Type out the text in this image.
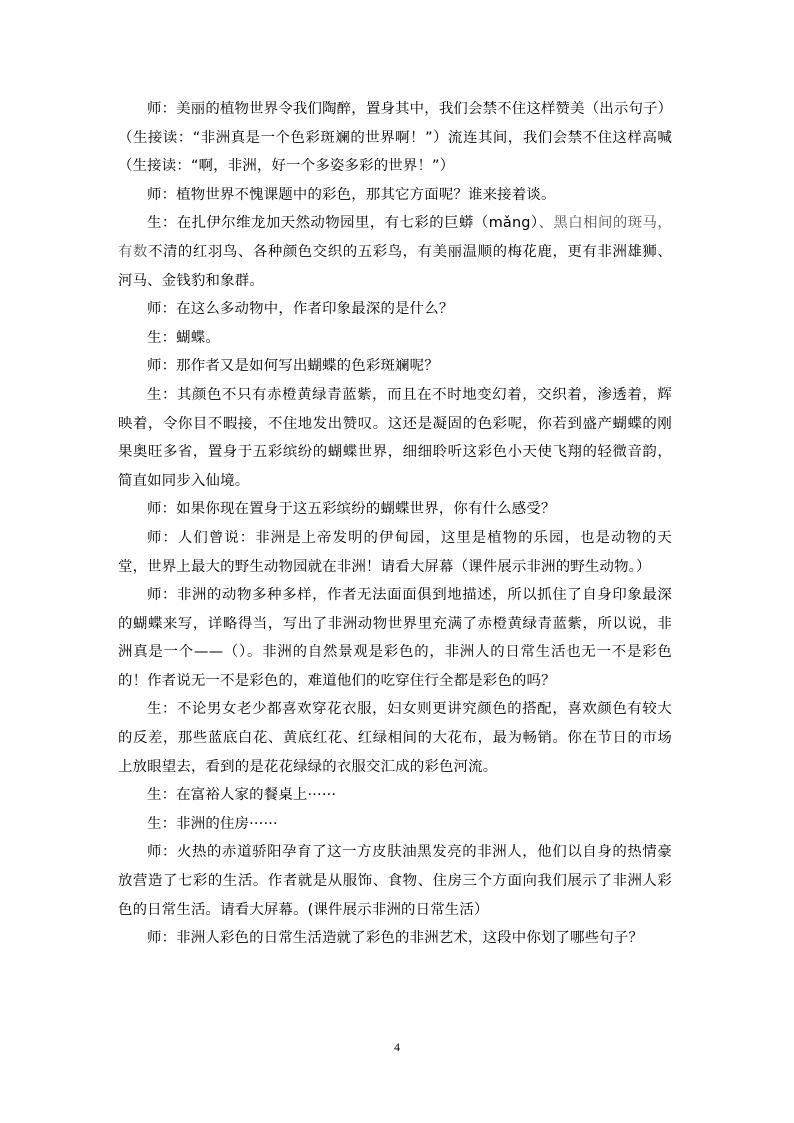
师：美丽的植物世界令我们陶醉，置身其中，我们会禁不住这样赞美（出示句子）

（生接读：“非洲真是一个色彩斑斓的世界啊！”）流连其间，我们会禁不住这样高喊（生接读：“啊，非洲，好一个多姿多彩的世界！”）

师：植物世界不愧课题中的彩色，那其它方面呢？谁来接着谈。

生：在扎伊尔维龙加天然动物园里，有七彩的巨蟒（mǎng）、黑白相间的斑马，有数不清的红羽鸟、各种颜色交织的五彩鸟，有美丽温顺的梅花鹿，更有非洲雄狮、河马、金钱豹和象群。

师：在这么多动物中，作者印象最深的是什么？

生：蝴蝶。

师：那作者又是如何写出蝴蝶的色彩斑斓呢？

生：其颜色不只有赤橙黄绿青蓝紫，而且在不时地变幻着，交织着，渗透着，辉映着，令你目不暇接，不住地发出赞叹。这还是凝固的色彩呢，你若到盛产蝴蝶的刚果奥旺多省，置身于五彩缤纷的蝴蝶世界，细细聆听这彩色小天使飞翔的轻微音韵，简直如同步入仙境。

师：如果你现在置身于这五彩缤纷的蝴蝶世界，你有什么感受？

师：人们曾说：非洲是上帝发明的伊甸园，这里是植物的乐园，也是动物的天堂，世界上最大的野生动物园就在非洲！请看大屏幕（课件展示非洲的野生动物。）

师：非洲的动物多种多样，作者无法面面俱到地描述，所以抓住了自身印象最深的蝴蝶来写，详略得当，写出了非洲动物世界里充满了赤橙黄绿青蓝紫，所以说，非洲真是一个——（）。非洲的自然景观是彩色的，非洲人的日常生活也无一不是彩色的！作者说无一不是彩色的，难道他们的吃穿住行全都是彩色的吗？

生：不论男女老少都喜欢穿花衣服，妇女则更讲究颜色的搭配，喜欢颜色有较大的反差，那些蓝底白花、黄底红花、红绿相间的大花布，最为畅销。你在节日的市场上放眼望去，看到的是花花绿绿的衣服交汇成的彩色河流。

生：在富裕人家的餐桌上······

生：非洲的住房······

师：火热的赤道骄阳孕育了这一方皮肤油黑发亮的非洲人，他们以自身的热情豪放营造了七彩的生活。作者就是从服饰、食物、住房三个方面向我们展示了非洲人彩色的日常生活。请看大屏幕。(课件展示非洲的日常生活）

师：非洲人彩色的日常生活造就了彩色的非洲艺术，这段中你划了哪些句子？

4
